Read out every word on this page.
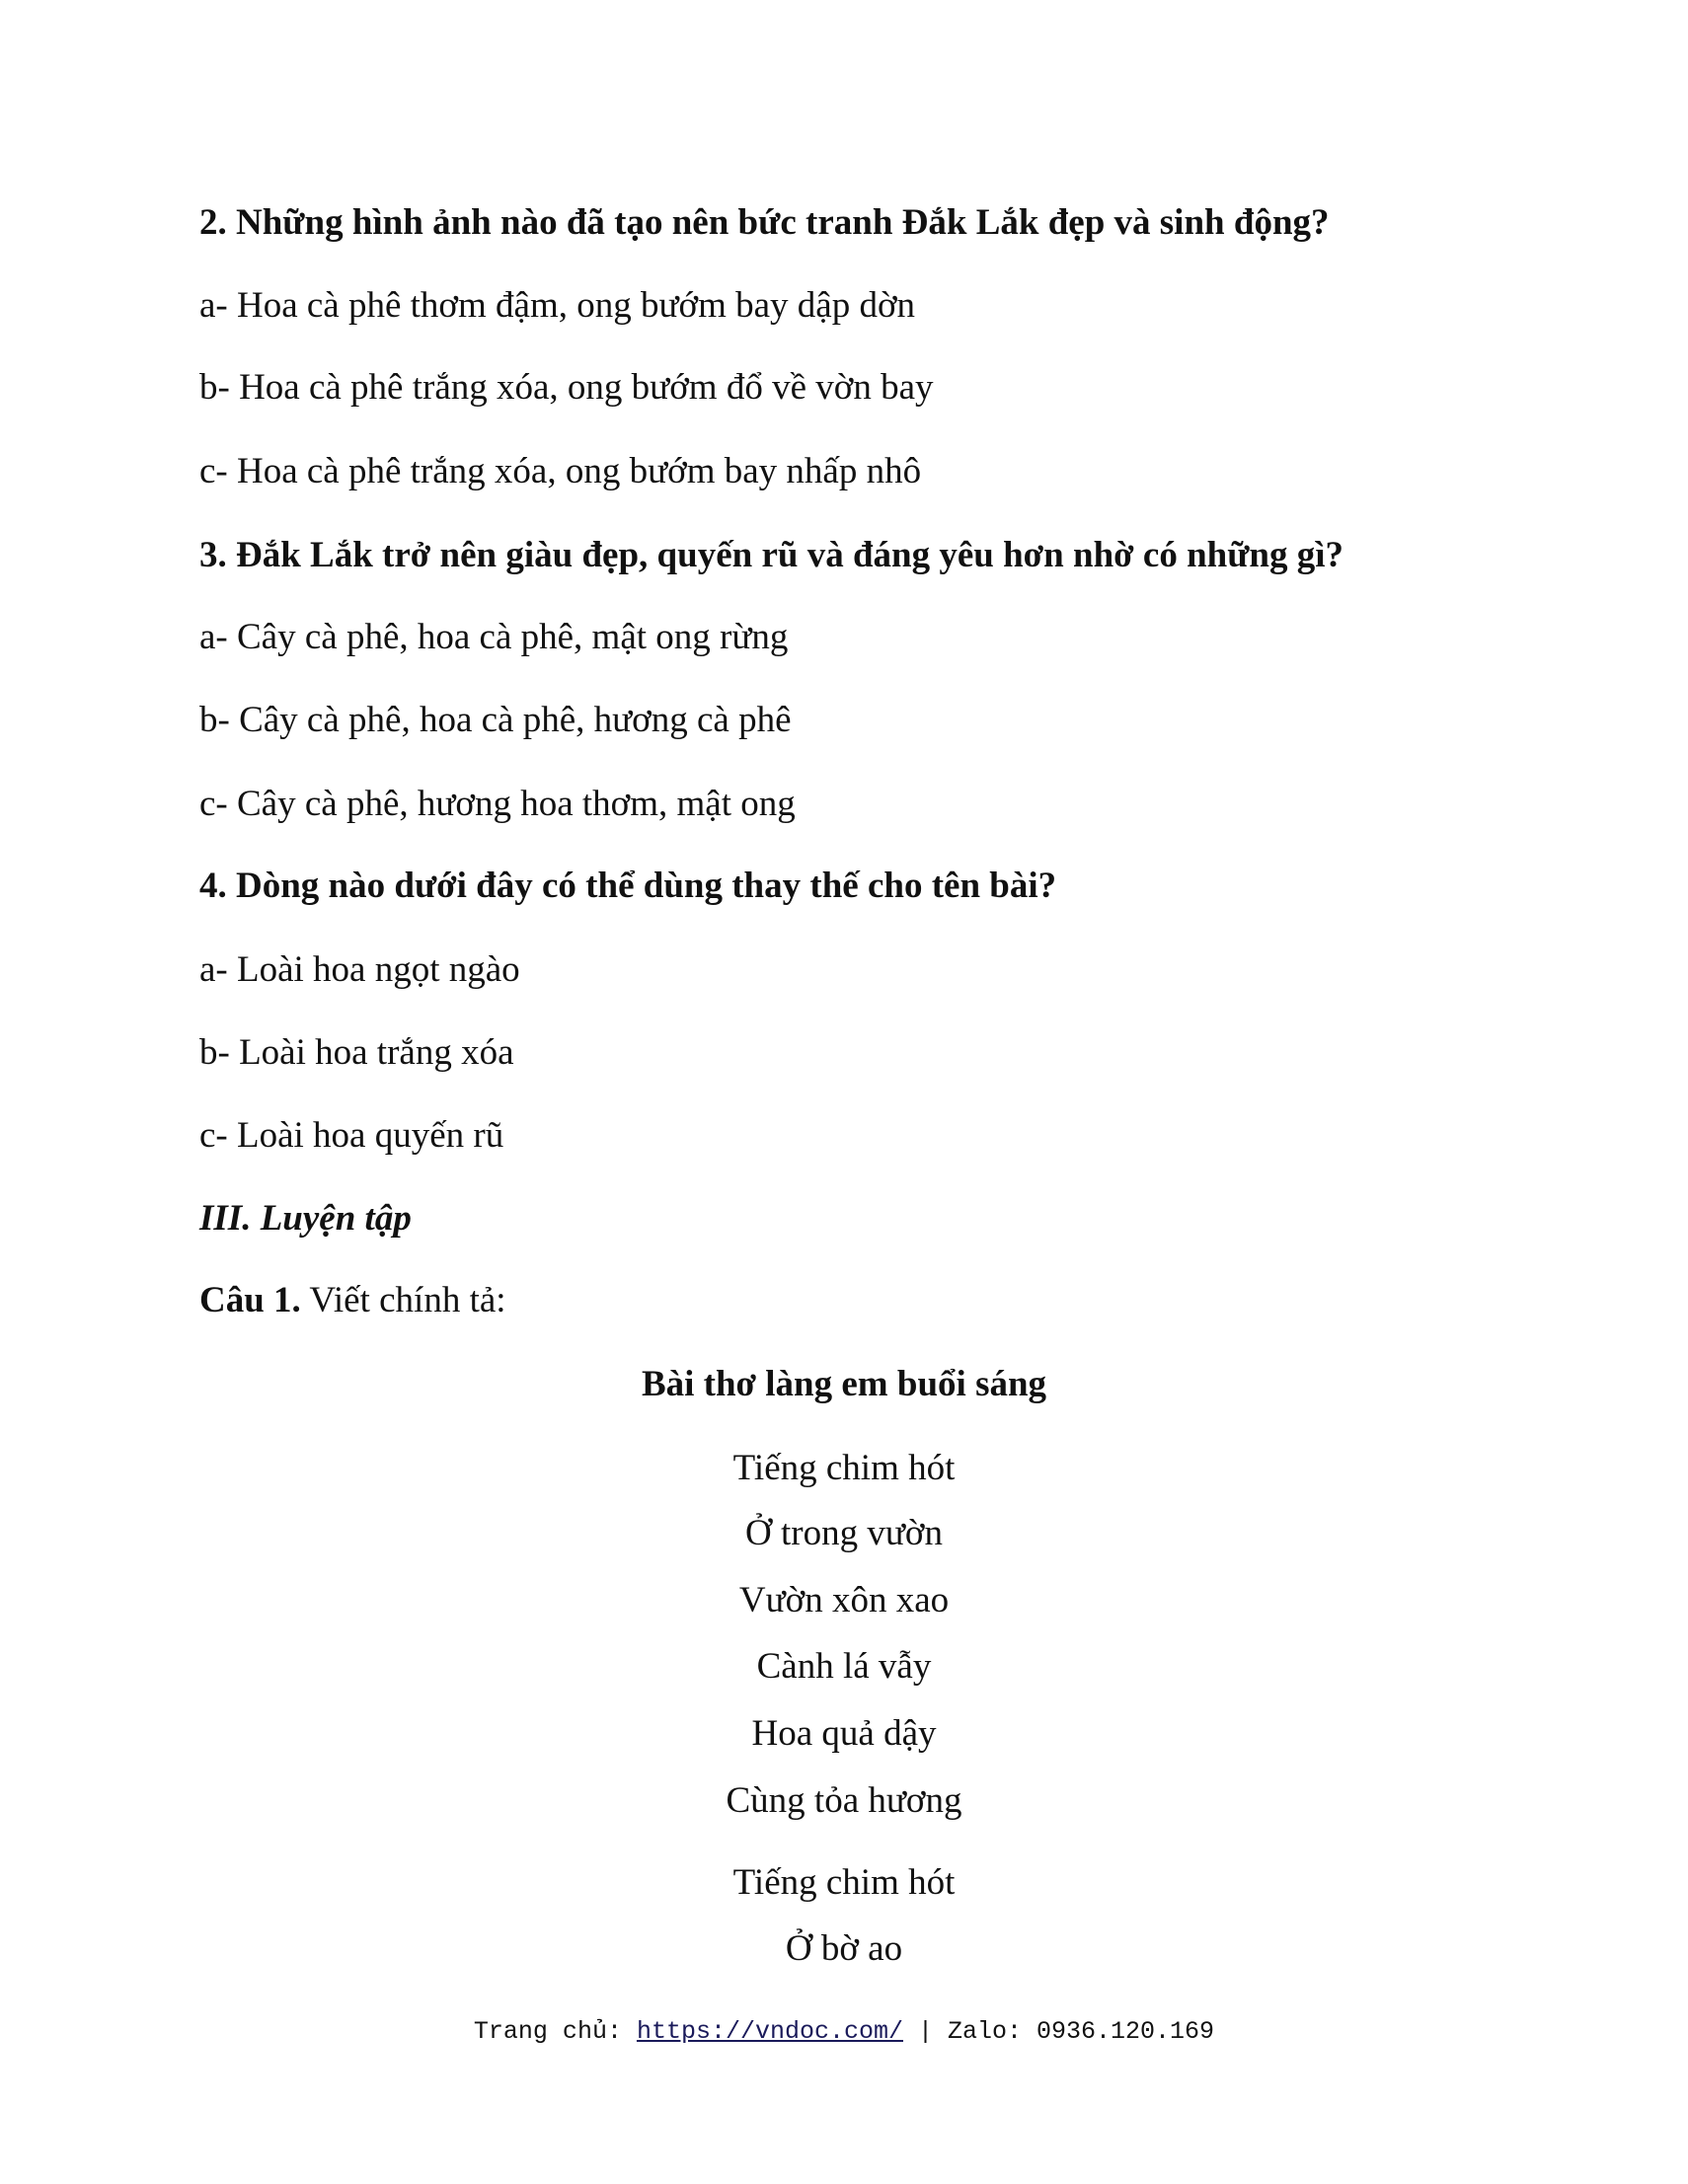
2. Những hình ảnh nào đã tạo nên bức tranh Đắk Lắk đẹp và sinh động?
a- Hoa cà phê thơm đậm, ong bướm bay dập dờn
b- Hoa cà phê trắng xóa, ong bướm đổ về vờn bay
c- Hoa cà phê trắng xóa, ong bướm bay nhấp nhô
3. Đắk Lắk trở nên giàu đẹp, quyến rũ và đáng yêu hơn nhờ có những gì?
a- Cây cà phê, hoa cà phê, mật ong rừng
b- Cây cà phê, hoa cà phê, hương cà phê
c- Cây cà phê, hương hoa thơm, mật ong
4. Dòng nào dưới đây có thể dùng thay thế cho tên bài?
a- Loài hoa ngọt ngào
b- Loài hoa trắng xóa
c- Loài hoa quyến rũ
III. Luyện tập
Câu 1. Viết chính tả:
Bài thơ làng em buổi sáng
Tiếng chim hót
Ở trong vườn
Vườn xôn xao
Cành lá vẫy
Hoa quả dậy
Cùng tỏa hương
Tiếng chim hót
Ở bờ ao
Trang chủ: https://vndoc.com/ | Zalo: 0936.120.169
